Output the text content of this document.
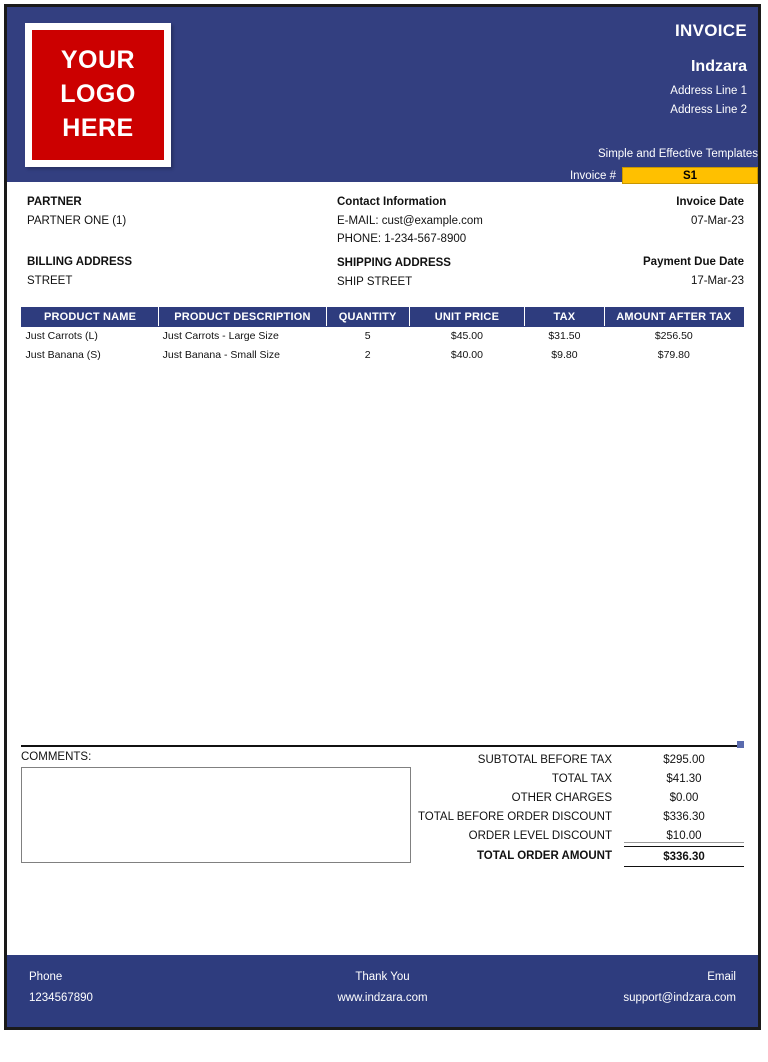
YOUR
LOGO
HERE
INVOICE
Indzara
Address Line 1
Address Line 2
Simple and Effective Templates
Invoice #	S1
PARTNER
PARTNER ONE (1)
BILLING ADDRESS
STREET
Contact Information
E-MAIL: cust@example.com
PHONE: 1-234-567-8900
SHIPPING ADDRESS
SHIP STREET
Invoice Date
07-Mar-23
Payment Due Date
17-Mar-23
PRODUCT NAME	PRODUCT DESCRIPTION	QUANTITY	UNIT PRICE	TAX	AMOUNT AFTER TAX
Just Carrots (L)	Just Carrots - Large Size	5	$45.00	$31.50	$256.50
Just Banana (S)	Just Banana - Small Size	2	$40.00	$9.80	$79.80
COMMENTS:	SUBTOTAL BEFORE TAX	$295.00
TOTAL TAX	$41.30
OTHER CHARGES	$0.00
TOTAL BEFORE ORDER DISCOUNT	$336.30
ORDER LEVEL DISCOUNT	$10.00
TOTAL ORDER AMOUNT	$336.30
Phone
1234567890
Thank You
www.indzara.com
Email
support@indzara.com
